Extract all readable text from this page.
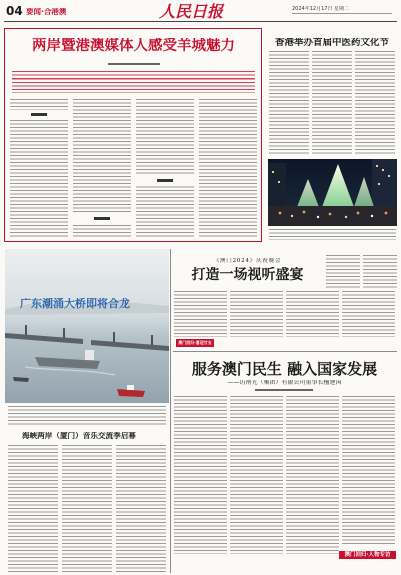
04 要闻·合港澳	人民日报	2024年12月17日 星期二
两岸暨港澳媒体人感受羊城魅力	香港举办首届中医药文化节
广东潮涌大桥即将合龙
海峡两岸（厦门）音乐交流季启幕
《澳门2024》庆祝晚会
打造一场视听盛宴
澳门回归·喜迎廿五
服务澳门民生 融入国家发展
——访南光（集团）有限公司董事长檀建国
澳门回归·人物专访
